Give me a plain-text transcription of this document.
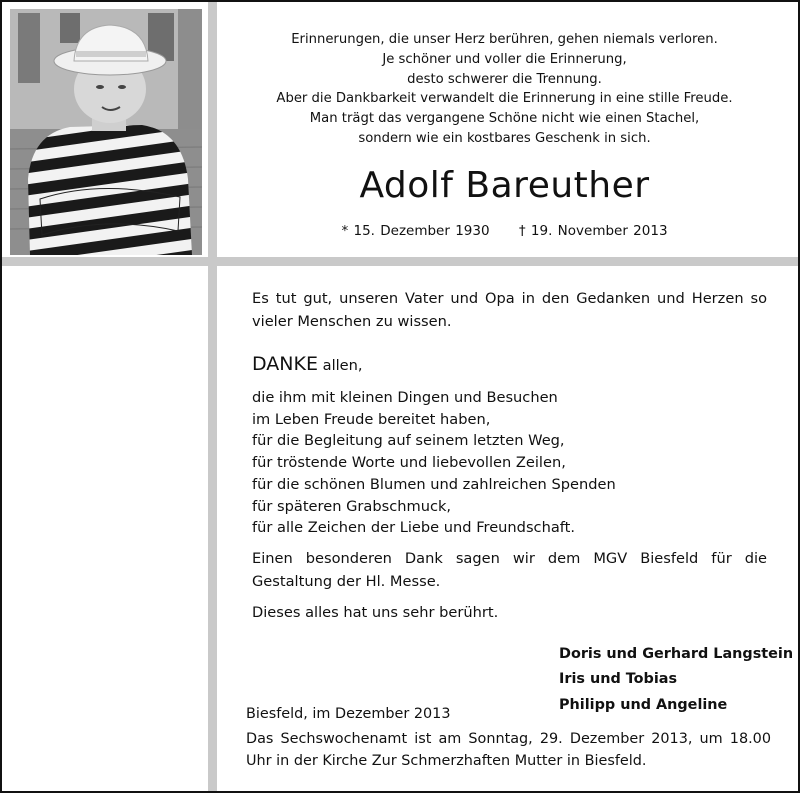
Erinnerungen, die unser Herz berühren, gehen niemals verloren.
Je schöner und voller die Erinnerung,
desto schwerer die Trennung.
Aber die Dankbarkeit verwandelt die Erinnerung in eine stille Freude.
Man trägt das vergangene Schöne nicht wie einen Stachel,
sondern wie ein kostbares Geschenk in sich.
Adolf Bareuther
* 15. Dezember 1930 † 19. November 2013

Es tut gut, unseren Vater und Opa in den Gedanken und Herzen so vieler Menschen zu wissen.

DANKE allen,
die ihm mit kleinen Dingen und Besuchen
im Leben Freude bereitet haben,
für die Begleitung auf seinem letzten Weg,
für tröstende Worte und liebevollen Zeilen,
für die schönen Blumen und zahlreichen Spenden
für späteren Grabschmuck,
für alle Zeichen der Liebe und Freundschaft.
Einen besonderen Dank sagen wir dem MGV Biesfeld für die Gestaltung der Hl. Messe.
Dieses alles hat uns sehr berührt.
Doris und Gerhard Langstein
Iris und Tobias
Philipp und Angeline
Biesfeld, im Dezember 2013
Das Sechswochenamt ist am Sonntag, 29. Dezember 2013, um 18.00 Uhr in der Kirche Zur Schmerzhaften Mutter in Biesfeld.
